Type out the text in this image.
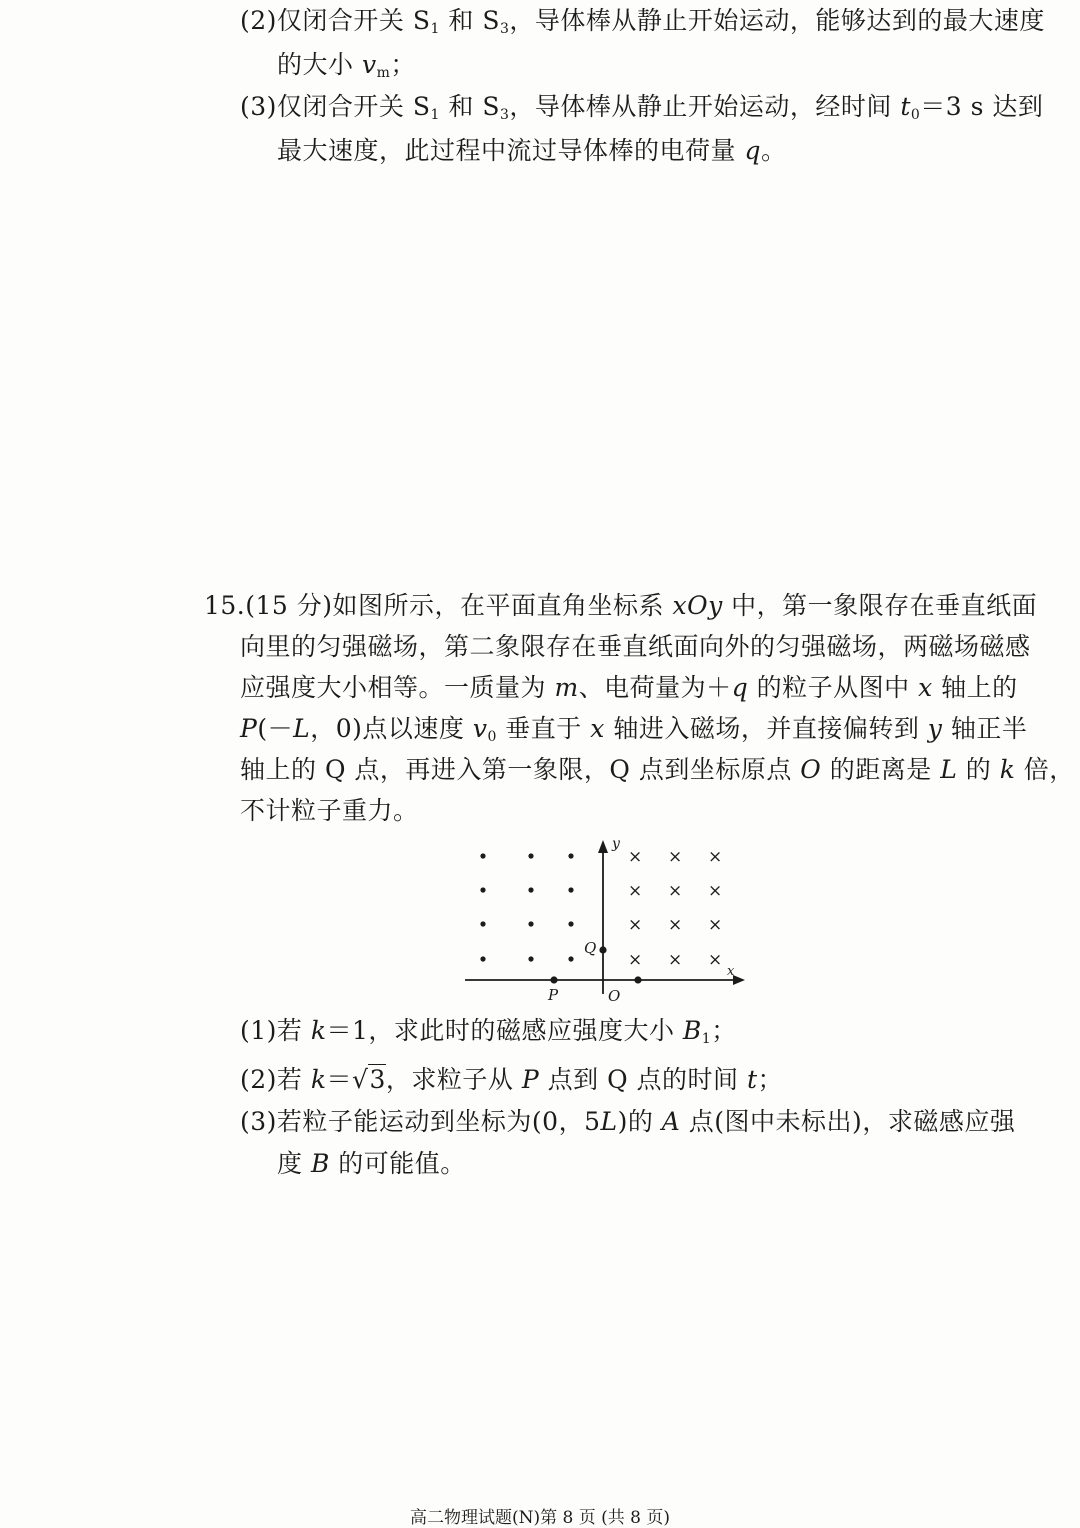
(2)仅闭合开关 $S_1$ 和 $S_3$，导体棒从静止开始运动，能够达到的最大速度
的大小 $v_m$；
(3)仅闭合开关 $S_1$ 和 $S_3$，导体棒从静止开始运动，经时间 $t_0=3$ s 达到
最大速度，此过程中流过导体棒的电荷量 q。
15.(15 分)如图所示，在平面直角坐标系 xOy 中，第一象限存在垂直纸面
向里的匀强磁场，第二象限存在垂直纸面向外的匀强磁场，两磁场磁感
应强度大小相等。一质量为 m、电荷量为＋q 的粒子从图中 x 轴上的
P(－L，0)点以速度 $v_0$ 垂直于 x 轴进入磁场，并直接偏转到 y 轴正半
轴上的 Q 点，再进入第一象限，Q 点到坐标原点 O 的距离是 L 的 k 倍，
不计粒子重力。
y
x
Q
P	O
× × ×
× × ×
× × ×
× × ×
(1)若 k＝1，求此时的磁感应强度大小 $B_1$；
(2)若 k＝√3，求粒子从 P 点到 Q 点的时间 t；
(3)若粒子能运动到坐标为(0，5L)的 A 点(图中未标出)，求磁感应强
度 B 的可能值。
高二物理试题(N)第 8 页 (共 8 页)
